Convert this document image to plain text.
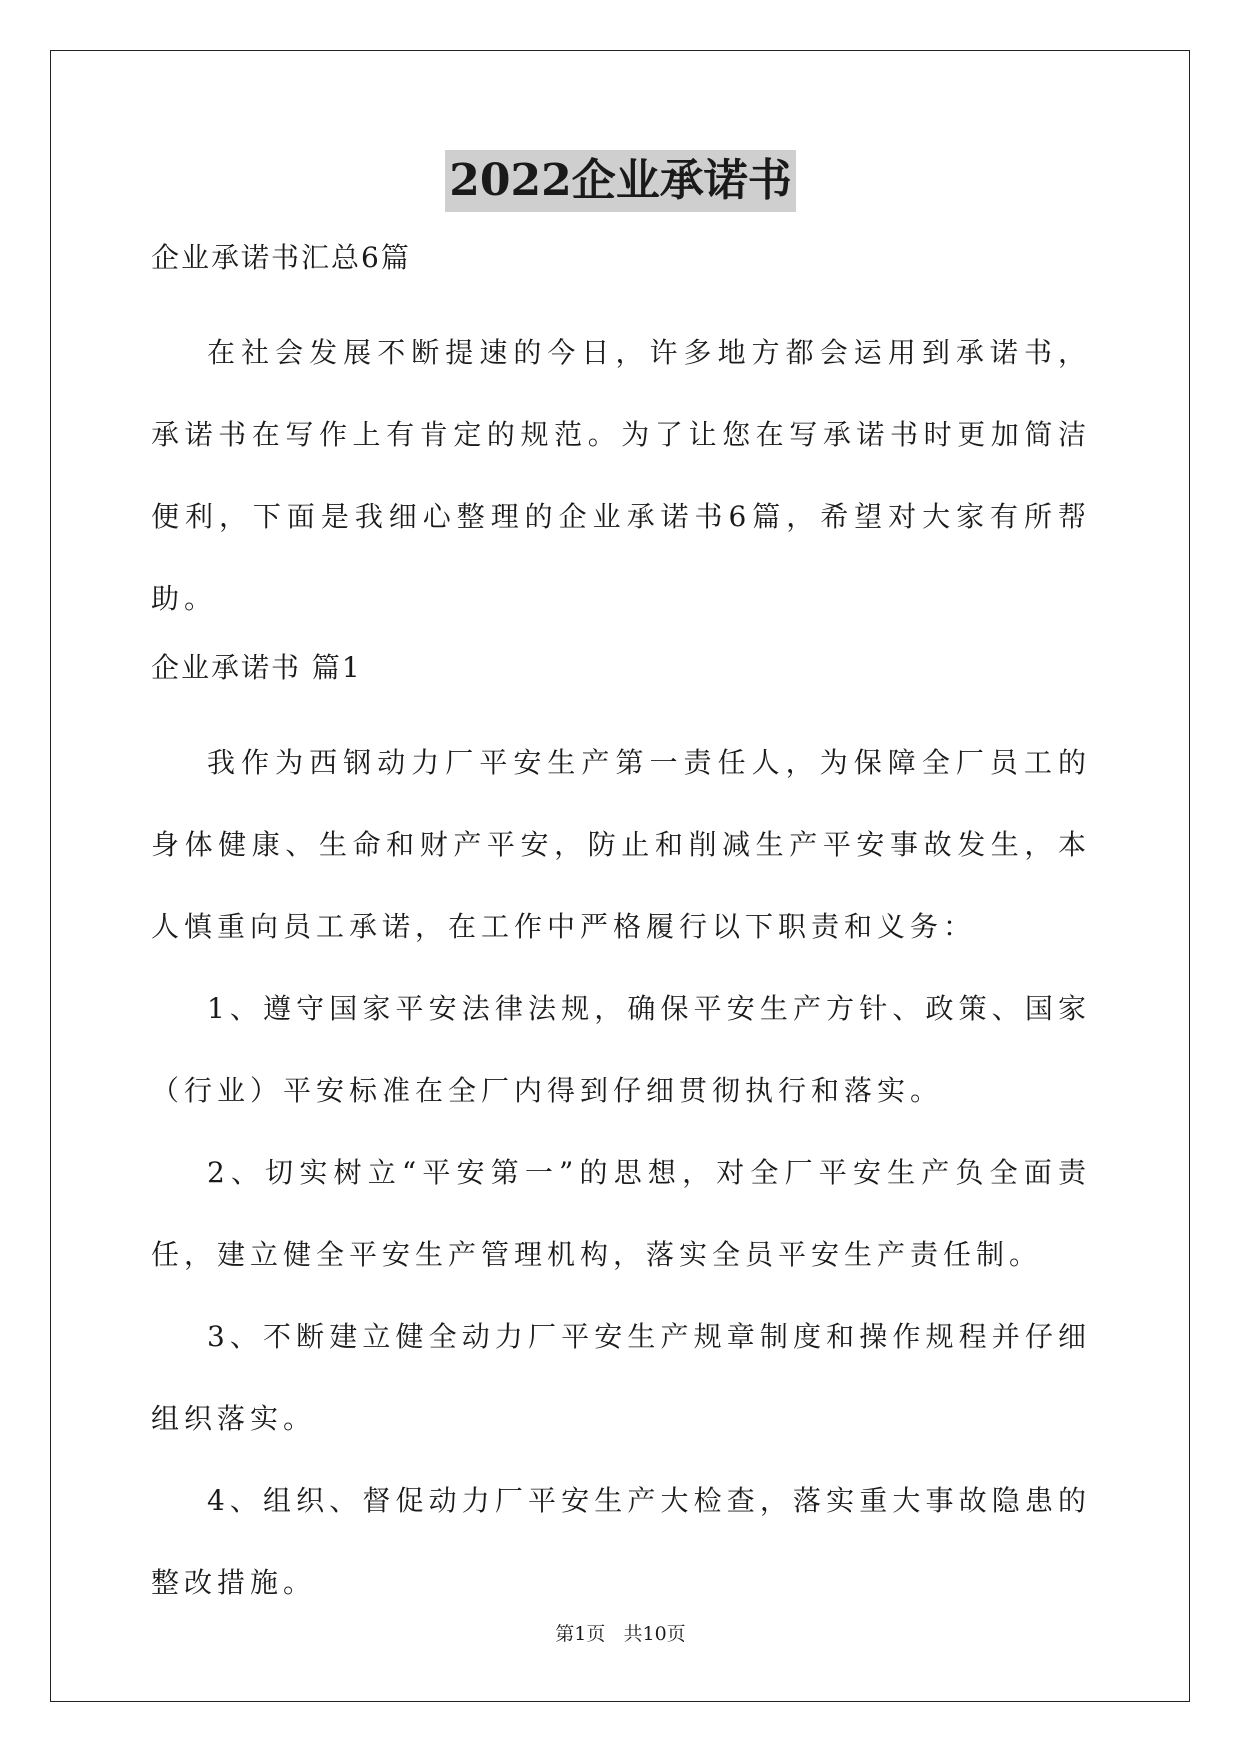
2022企业承诺书

企业承诺书汇总6篇

在社会发展不断提速的今日，许多地方都会运用到承诺书，承诺书在写作上有肯定的规范。为了让您在写承诺书时更加简洁便利，下面是我细心整理的企业承诺书6篇，希望对大家有所帮助。

企业承诺书 篇1

我作为西钢动力厂平安生产第一责任人，为保障全厂员工的身体健康、生命和财产平安，防止和削减生产平安事故发生，本人慎重向员工承诺，在工作中严格履行以下职责和义务：

1、遵守国家平安法律法规，确保平安生产方针、政策、国家（行业）平安标准在全厂内得到仔细贯彻执行和落实。

2、切实树立“平安第一”的思想，对全厂平安生产负全面责任，建立健全平安生产管理机构，落实全员平安生产责任制。

3、不断建立健全动力厂平安生产规章制度和操作规程并仔细组织落实。

4、组织、督促动力厂平安生产大检查，落实重大事故隐患的整改措施。

第1页   共10页
